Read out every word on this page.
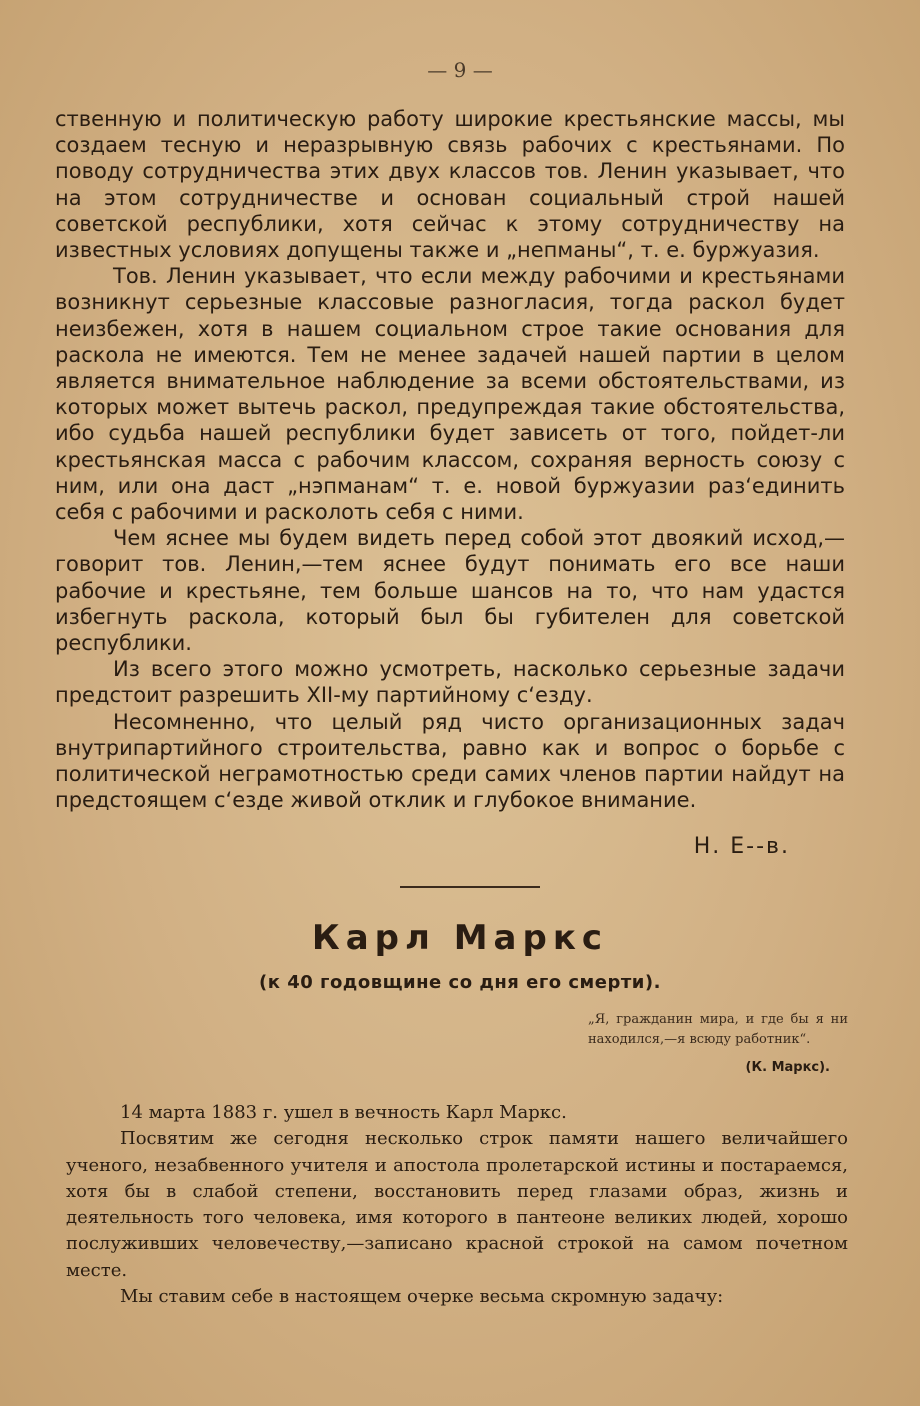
— 9 —

ственную и политическую работу широкие крестьянские массы, мы создаем тесную и неразрывную связь рабочих с крестьянами. По поводу сотрудничества этих двух классов тов. Ленин указывает, что на этом сотрудничестве и основан социальный строй нашей советской республики, хотя сейчас к этому сотрудничеству на известных условиях допущены также и „непманы“, т. е. буржуазия.

Тов. Ленин указывает, что если между рабочими и крестьянами возникнут серьезные классовые разногласия, тогда раскол будет неизбежен, хотя в нашем социальном строе такие основания для раскола не имеются. Тем не менее задачей нашей партии в целом является внимательное наблюдение за всеми обстоятельствами, из которых может вытечь раскол, предупреждая такие обстоятельства, ибо судьба нашей республики будет зависеть от того, пойдет-ли крестьянская масса с рабочим классом, сохраняя верность союзу с ним, или она даст „нэпманам“ т. е. новой буржуазии раз‘единить себя с рабочими и расколоть себя с ними.

Чем яснее мы будем видеть перед собой этот двоякий исход,—говорит тов. Ленин,—тем яснее будут понимать его все наши рабочие и крестьяне, тем больше шансов на то, что нам удастся избегнуть раскола, который был бы губителен для советской республики.

Из всего этого можно усмотреть, насколько серьезные задачи предстоит разрешить XII-му партийному с‘езду.

Несомненно, что целый ряд чисто организационных задач внутрипартийного строительства, равно как и вопрос о борьбе с политической неграмотностью среди самих членов партии найдут на предстоящем с‘езде живой отклик и глубокое внимание.

Н. Е--в.
Карл Маркс
(к 40 годовщине со дня его смерти).
„Я, гражданин мира, и где бы я ни находился,—я всюду работник“.
(К. Маркс).

14 марта 1883 г. ушел в вечность Карл Маркс.

Посвятим же сегодня несколько строк памяти нашего величайшего ученого, незабвенного учителя и апостола пролетарской истины и постараемся, хотя бы в слабой степени, восстановить перед глазами образ, жизнь и деятельность того человека, имя которого в пантеоне великих людей, хорошо послуживших человечеству,—записано красной строкой на самом почетном месте.

Мы ставим себе в настоящем очерке весьма скромную задачу:
